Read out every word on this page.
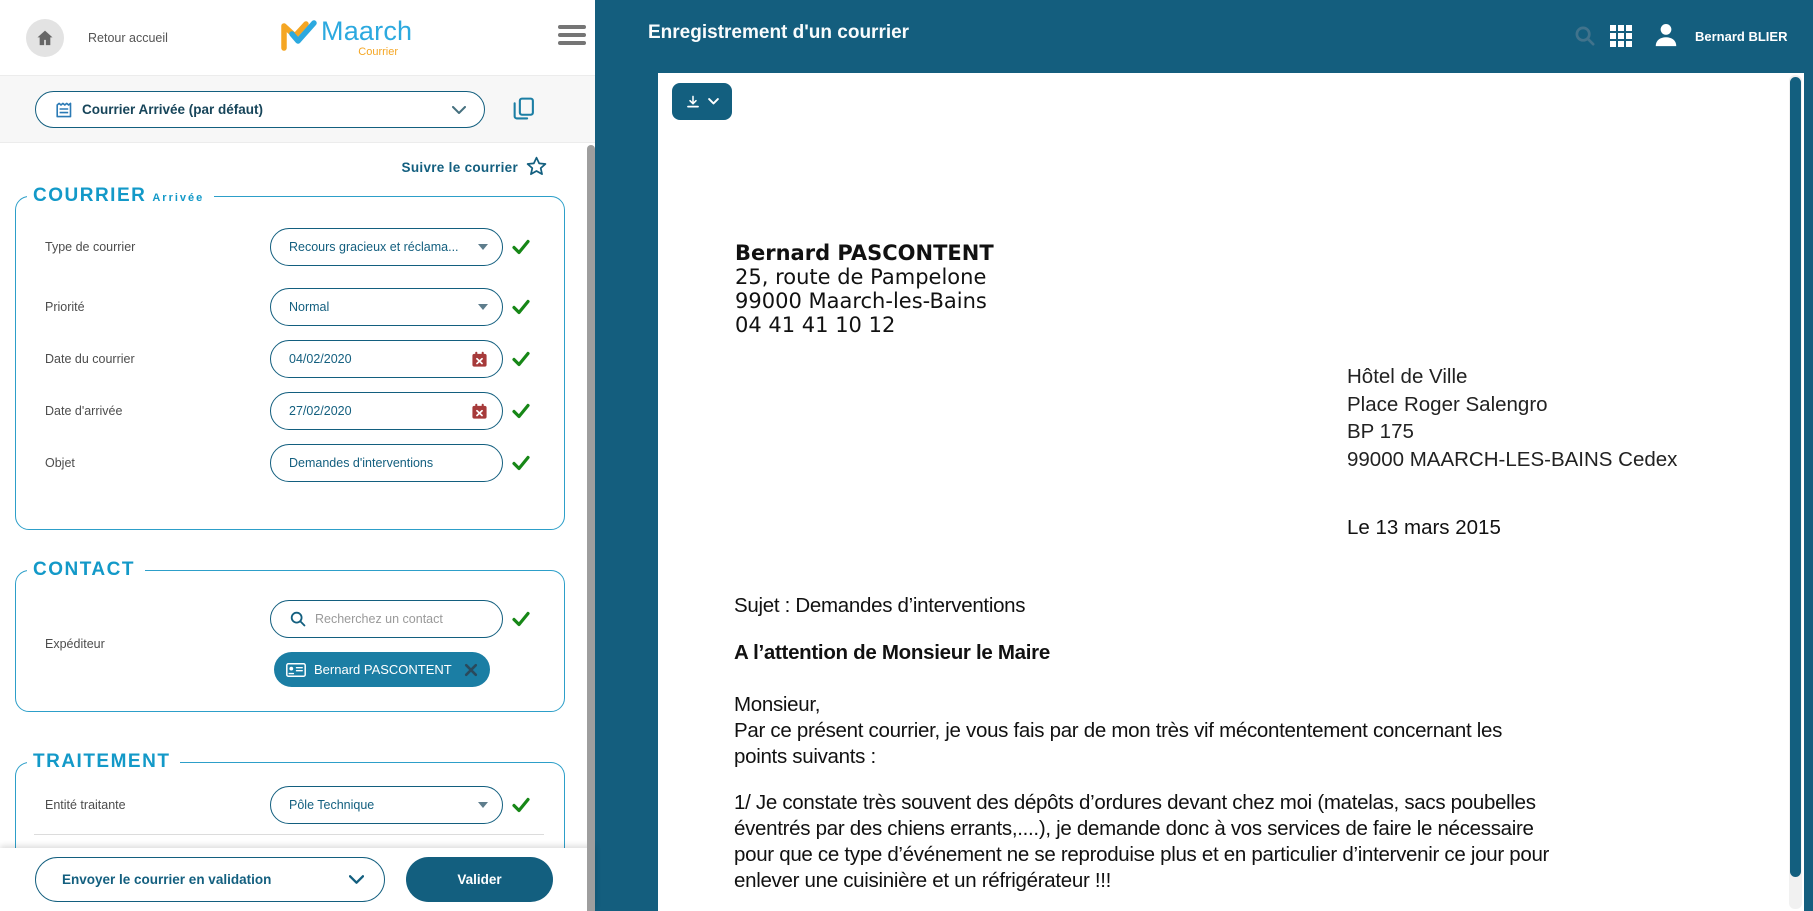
Retour accueil	Maarch
Courrier
Courrier Arrivée (par défaut)
Suivre le courrier
COURRIER Arrivée
Type de courrier	Recours gracieux et réclama...
Priorité	Normal
Date du courrier	04/02/2020
Date d'arrivée	27/02/2020
Objet	Demandes d'interventions
CONTACT
Expéditeur
Recherchez un contact
Bernard PASCONTENT
TRAITEMENT
Entité traitante	Pôle Technique
Envoyer le courrier en validation	Valider
Enregistrement d'un courrier	Bernard BLIER
Bernard PASCONTENT
25, route de Pampelone
99000 Maarch-les-Bains
04 41 41 10 12
Hôtel de Ville
Place Roger Salengro
BP 175
99000 MAARCH-LES-BAINS Cedex
Le 13 mars 2015
Sujet : Demandes d’interventions
A l’attention de Monsieur le Maire
Monsieur,
Par ce présent courrier, je vous fais par de mon très vif mécontentement concernant les
points suivants :
1/ Je constate très souvent des dépôts d’ordures devant chez moi (matelas, sacs poubelles
éventrés par des chiens errants,....), je demande donc à vos services de faire le nécessaire
pour que ce type d’événement ne se reproduise plus et en particulier d’intervenir ce jour pour
enlever une cuisinière et un réfrigérateur !!!
